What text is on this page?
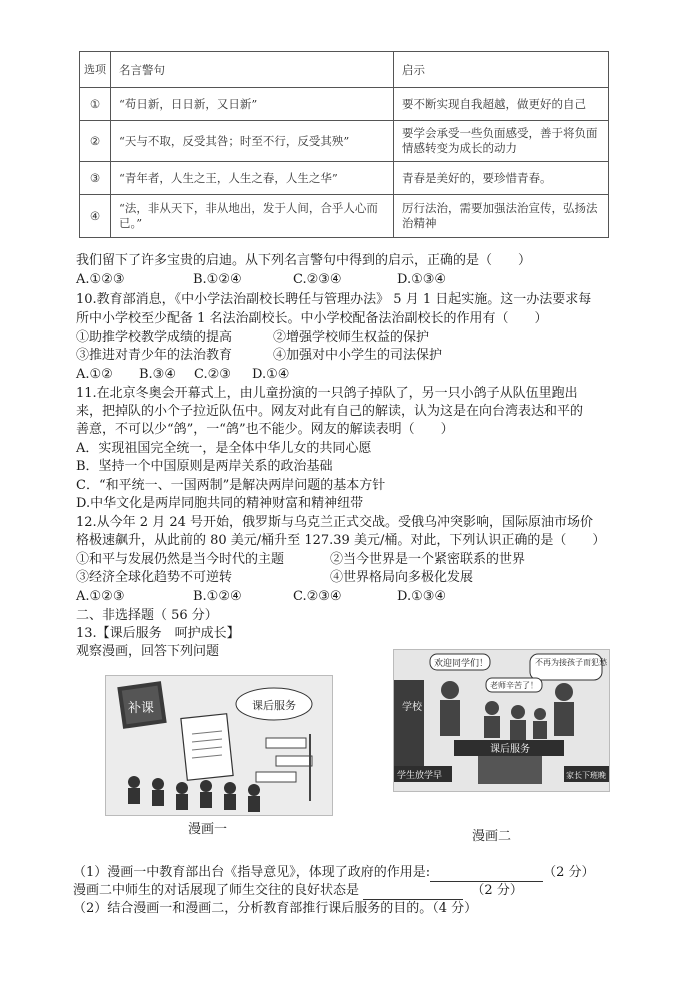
选项	名言警句	启示
①	“苟日新，日日新，又日新”	要不断实现自我超越，做更好的自己
②	“天与不取，反受其咎；时至不行，反受其殃”	要学会承受一些负面感受，善于将负面情感转变为成长的动力
③	“青年者，人生之王，人生之春，人生之华”	青春是美好的，要珍惜青春。
④	“法，非从天下，非从地出，发于人间，合乎人心而已。”	厉行法治，需要加强法治宣传，弘扬法治精神
我们留下了许多宝贵的启迪。从下列名言警句中得到的启示，正确的是（　　）
A.①②③	B.①②④	C.②③④	D.①③④
10.教育部消息，《中小学法治副校长聘任与管理办法》 5 月 1 日起实施。这一办法要求每
所中小学校至少配备 1 名法治副校长。中小学校配备法治副校长的作用有（　　）
①助推学校教学成绩的提高	②增强学校师生权益的保护
③推进对青少年的法治教育	④加强对中小学生的司法保护
A.①② B.③④ C.②③ D.①④
11.在北京冬奥会开幕式上，由儿童扮演的一只鸽子掉队了，另一只小鸽子从队伍里跑出
来，把掉队的小个子拉近队伍中。网友对此有自己的解读，认为这是在向台湾表达和平的
善意，不可以少“鸽”，一“鸽”也不能少。网友的解读表明（　　）
A．实现祖国完全统一，是全体中华儿女的共同心愿
B．坚持一个中国原则是两岸关系的政治基础
C．“和平统一、一国两制”是解决两岸问题的基本方针
D.中华文化是两岸同胞共同的精神财富和精神纽带
12.从今年 2 月 24 号开始，俄罗斯与乌克兰正式交战。受俄乌冲突影响，国际原油市场价
格极速飙升，从此前的 80 美元/桶升至 127.39 美元/桶。对此，下列认识正确的是（　　）
①和平与发展仍然是当今时代的主题	②当今世界是一个紧密联系的世界
③经济全球化趋势不可逆转	④世界格局向多极化发展
A.①②③	B.①②④	C.②③④	D.①③④
二、非选择题（ 56 分）
13.【课后服务　呵护成长】
观察漫画，回答下列问题
补课	课后服务
漫画一
学校
欢迎同学们！	不再为接孩子而犯愁
老师辛苦了！
课后服务
学生放学早	家长下班晚
漫画二
（1）漫画一中教育部出台《指导意见》，体现了政府的作用是:	（2 分）
漫画二中师生的对话展现了师生交往的良好状态是	（2 分）
（2）结合漫画一和漫画二，分析教育部推行课后服务的目的。（4 分）
